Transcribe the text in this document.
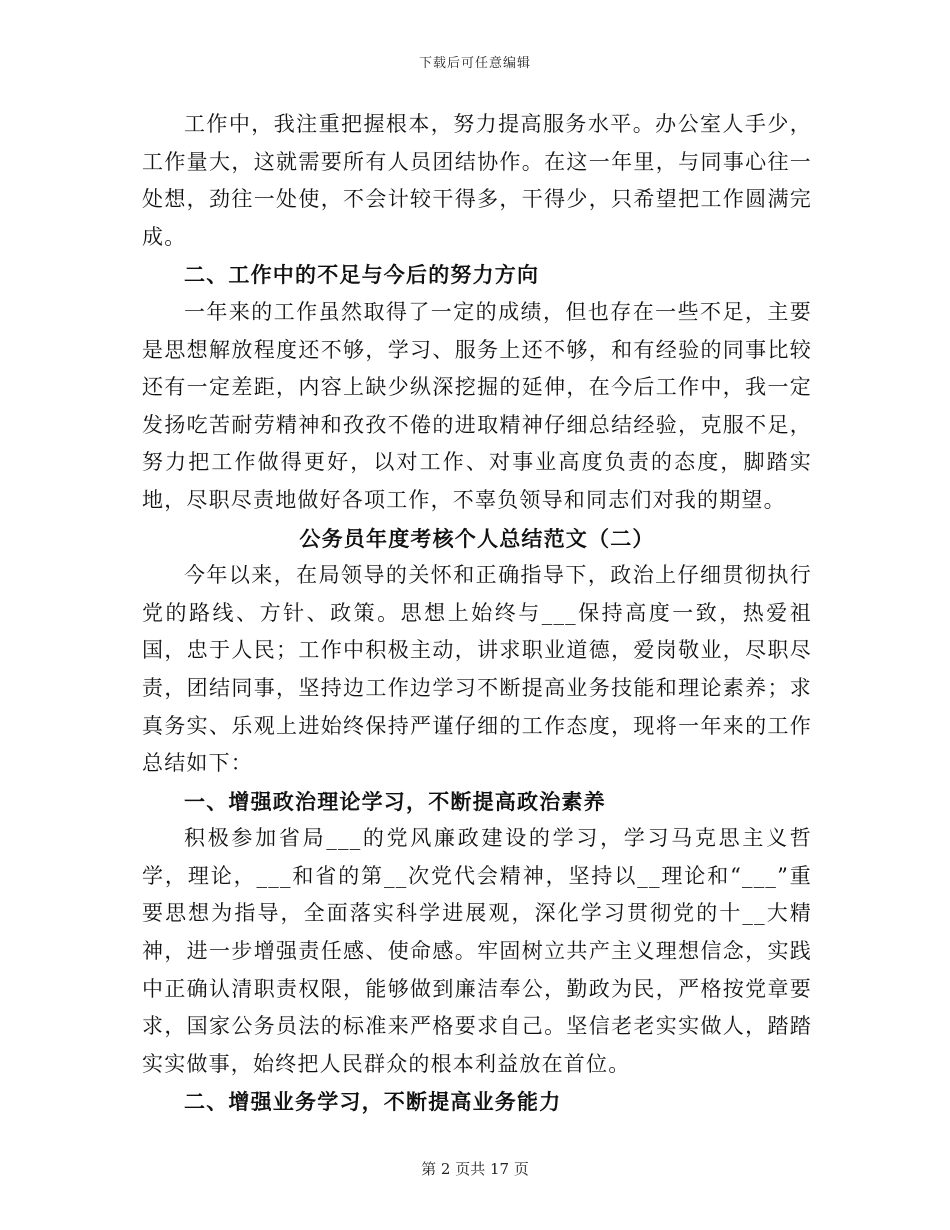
下载后可任意编辑

工作中，我注重把握根本，努力提高服务水平。办公室人手少，工作量大，这就需要所有人员团结协作。在这一年里，与同事心往一处想，劲往一处使，不会计较干得多，干得少，只希望把工作圆满完成。

二、工作中的不足与今后的努力方向

一年来的工作虽然取得了一定的成绩，但也存在一些不足，主要是思想解放程度还不够，学习、服务上还不够，和有经验的同事比较还有一定差距，内容上缺少纵深挖掘的延伸，在今后工作中，我一定发扬吃苦耐劳精神和孜孜不倦的进取精神仔细总结经验，克服不足，努力把工作做得更好，以对工作、对事业高度负责的态度，脚踏实地，尽职尽责地做好各项工作，不辜负领导和同志们对我的期望。

公务员年度考核个人总结范文（二）

今年以来，在局领导的关怀和正确指导下，政治上仔细贯彻执行党的路线、方针、政策。思想上始终与___保持高度一致，热爱祖国，忠于人民；工作中积极主动，讲求职业道德，爱岗敬业，尽职尽责，团结同事，坚持边工作边学习不断提高业务技能和理论素养；求真务实、乐观上进始终保持严谨仔细的工作态度，现将一年来的工作总结如下：

一、增强政治理论学习，不断提高政治素养

积极参加省局___的党风廉政建设的学习，学习马克思主义哲学，理论，___和省的第__次党代会精神，坚持以__理论和“___”重要思想为指导，全面落实科学进展观，深化学习贯彻党的十__大精神，进一步增强责任感、使命感。牢固树立共产主义理想信念，实践中正确认清职责权限，能够做到廉洁奉公，勤政为民，严格按党章要求，国家公务员法的标准来严格要求自己。坚信老老实实做人，踏踏实实做事，始终把人民群众的根本利益放在首位。

二、增强业务学习，不断提高业务能力

第 2 页共 17 页
